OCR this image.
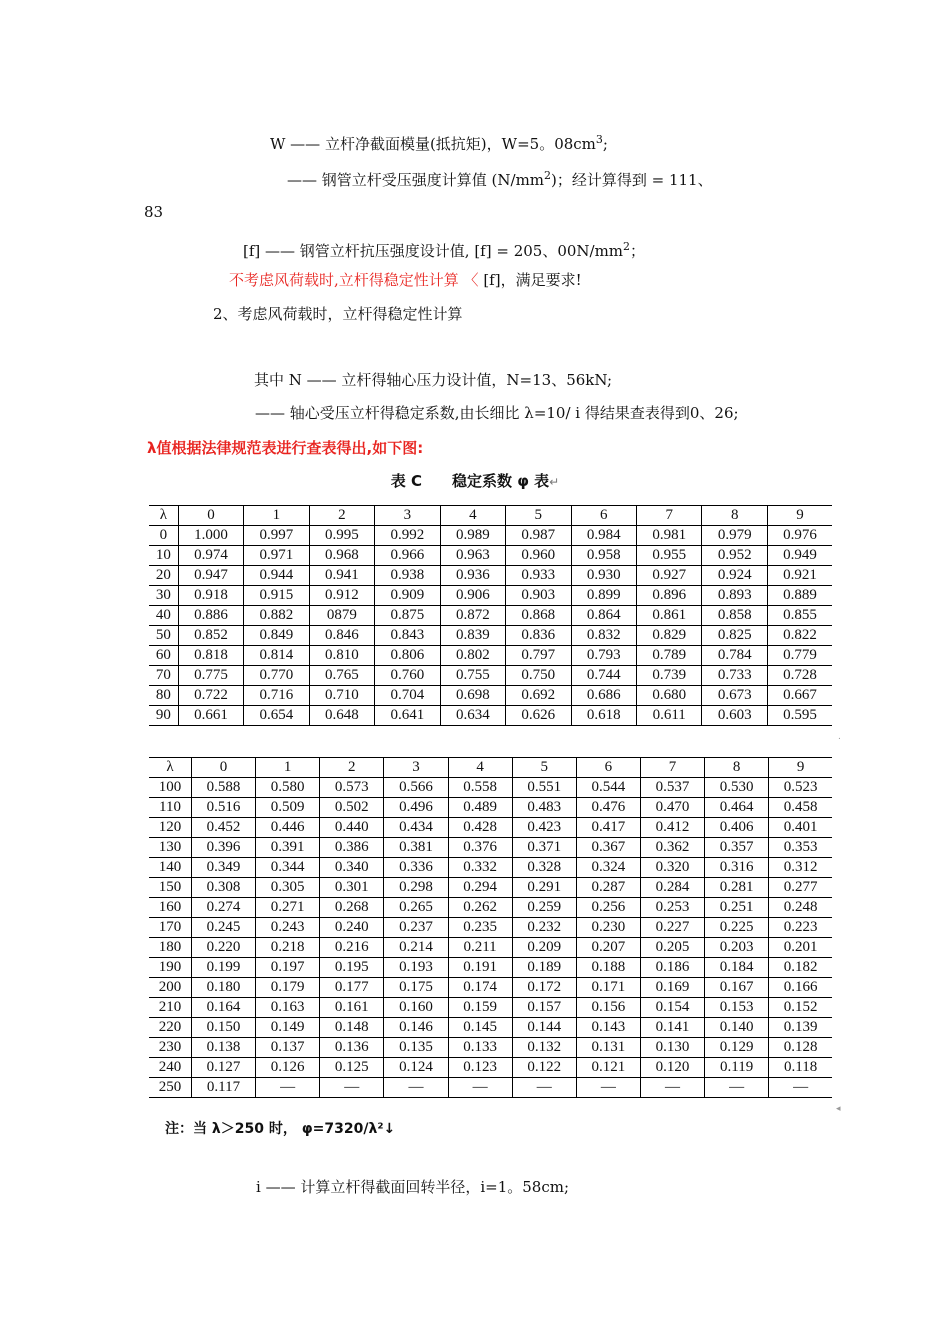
W —— 立杆净截面模量(抵抗矩)，W=5。$08cm^3$;
—— 钢管立杆受压强度计算值 $(N/mm^2)$；经计算得到 = 111、
83
[f] —— 钢管立杆抗压强度设计值, [f] = 205、$00N/mm^2$；
不考虑风荷载时,立杆得稳定性计算 〈 [f]，满足要求!
2、考虑风荷载时，立杆得稳定性计算
其中 N —— 立杆得轴心压力设计值，N=13、56kN;
—— 轴心受压立杆得稳定系数,由长细比 λ=10/ i 得结果查表得到0、26;
λ值根据法律规范表进行查表得出,如下图:
表 C 稳定系数 φ 表↵
λ	0	1	2	3	4	5	6	7	8	9
0	1.000	0.997	0.995	0.992	0.989	0.987	0.984	0.981	0.979	0.976
10	0.974	0.971	0.968	0.966	0.963	0.960	0.958	0.955	0.952	0.949
20	0.947	0.944	0.941	0.938	0.936	0.933	0.930	0.927	0.924	0.921
30	0.918	0.915	0.912	0.909	0.906	0.903	0.899	0.896	0.893	0.889
40	0.886	0.882	0879	0.875	0.872	0.868	0.864	0.861	0.858	0.855
50	0.852	0.849	0.846	0.843	0.839	0.836	0.832	0.829	0.825	0.822
60	0.818	0.814	0.810	0.806	0.802	0.797	0.793	0.789	0.784	0.779
70	0.775	0.770	0.765	0.760	0.755	0.750	0.744	0.739	0.733	0.728
80	0.722	0.716	0.710	0.704	0.698	0.692	0.686	0.680	0.673	0.667
90	0.661	0.654	0.648	0.641	0.634	0.626	0.618	0.611	0.603	0.595
λ	0	1	2	3	4	5	6	7	8	9
100	0.588	0.580	0.573	0.566	0.558	0.551	0.544	0.537	0.530	0.523
110	0.516	0.509	0.502	0.496	0.489	0.483	0.476	0.470	0.464	0.458
120	0.452	0.446	0.440	0.434	0.428	0.423	0.417	0.412	0.406	0.401
130	0.396	0.391	0.386	0.381	0.376	0.371	0.367	0.362	0.357	0.353
140	0.349	0.344	0.340	0.336	0.332	0.328	0.324	0.320	0.316	0.312
150	0.308	0.305	0.301	0.298	0.294	0.291	0.287	0.284	0.281	0.277
160	0.274	0.271	0.268	0.265	0.262	0.259	0.256	0.253	0.251	0.248
170	0.245	0.243	0.240	0.237	0.235	0.232	0.230	0.227	0.225	0.223
180	0.220	0.218	0.216	0.214	0.211	0.209	0.207	0.205	0.203	0.201
190	0.199	0.197	0.195	0.193	0.191	0.189	0.188	0.186	0.184	0.182
200	0.180	0.179	0.177	0.175	0.174	0.172	0.171	0.169	0.167	0.166
210	0.164	0.163	0.161	0.160	0.159	0.157	0.156	0.154	0.153	0.152
220	0.150	0.149	0.148	0.146	0.145	0.144	0.143	0.141	0.140	0.139
230	0.138	0.137	0.136	0.135	0.133	0.132	0.131	0.130	0.129	0.128
240	0.127	0.126	0.125	0.124	0.123	0.122	0.121	0.120	0.119	0.118
250	0.117	—	—	—	—	—	—	—	—	—
.
◂
注：当 λ＞250 时， φ=7320/λ²↓
i —— 计算立杆得截面回转半径，i=1。58cm;
